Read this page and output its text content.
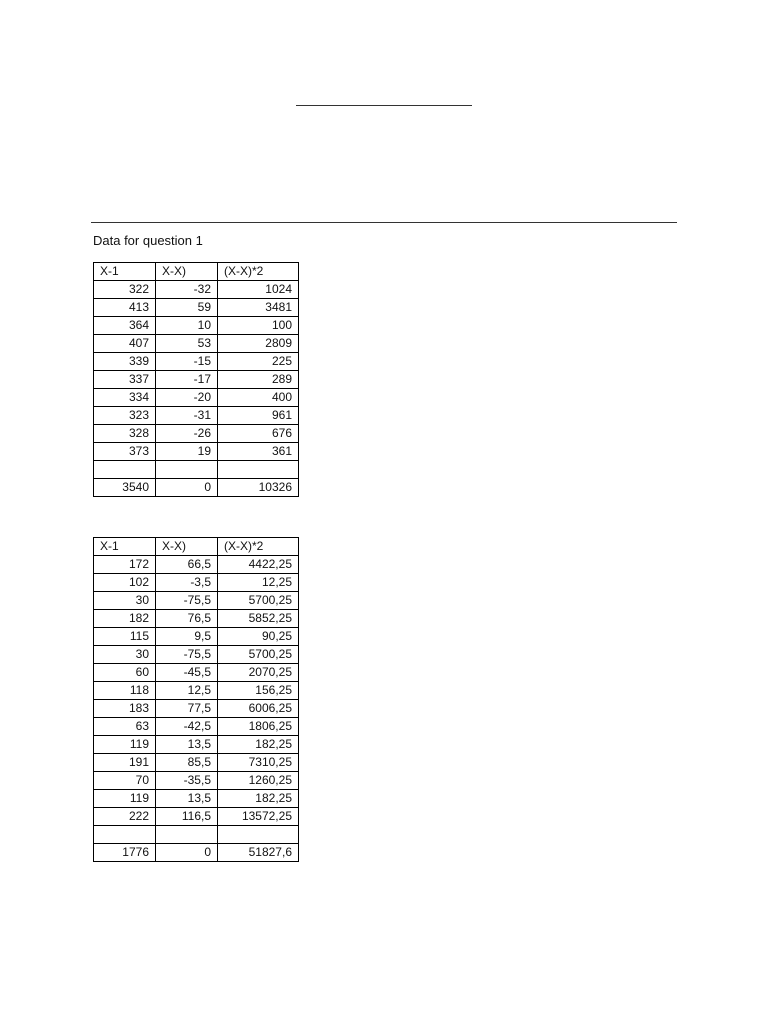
Data for question 1
X-1	X-X)	(X-X)*2
322	-32	1024
413	59	3481
364	10	100
407	53	2809
339	-15	225
337	-17	289
334	-20	400
323	-31	961
328	-26	676
373	19	361

3540	0	10326
X-1	X-X)	(X-X)*2
172	66,5	4422,25
102	-3,5	12,25
30	-75,5	5700,25
182	76,5	5852,25
115	9,5	90,25
30	-75,5	5700,25
60	-45,5	2070,25
118	12,5	156,25
183	77,5	6006,25
63	-42,5	1806,25
119	13,5	182,25
191	85,5	7310,25
70	-35,5	1260,25
119	13,5	182,25
222	116,5	13572,25

1776	0	51827,6
